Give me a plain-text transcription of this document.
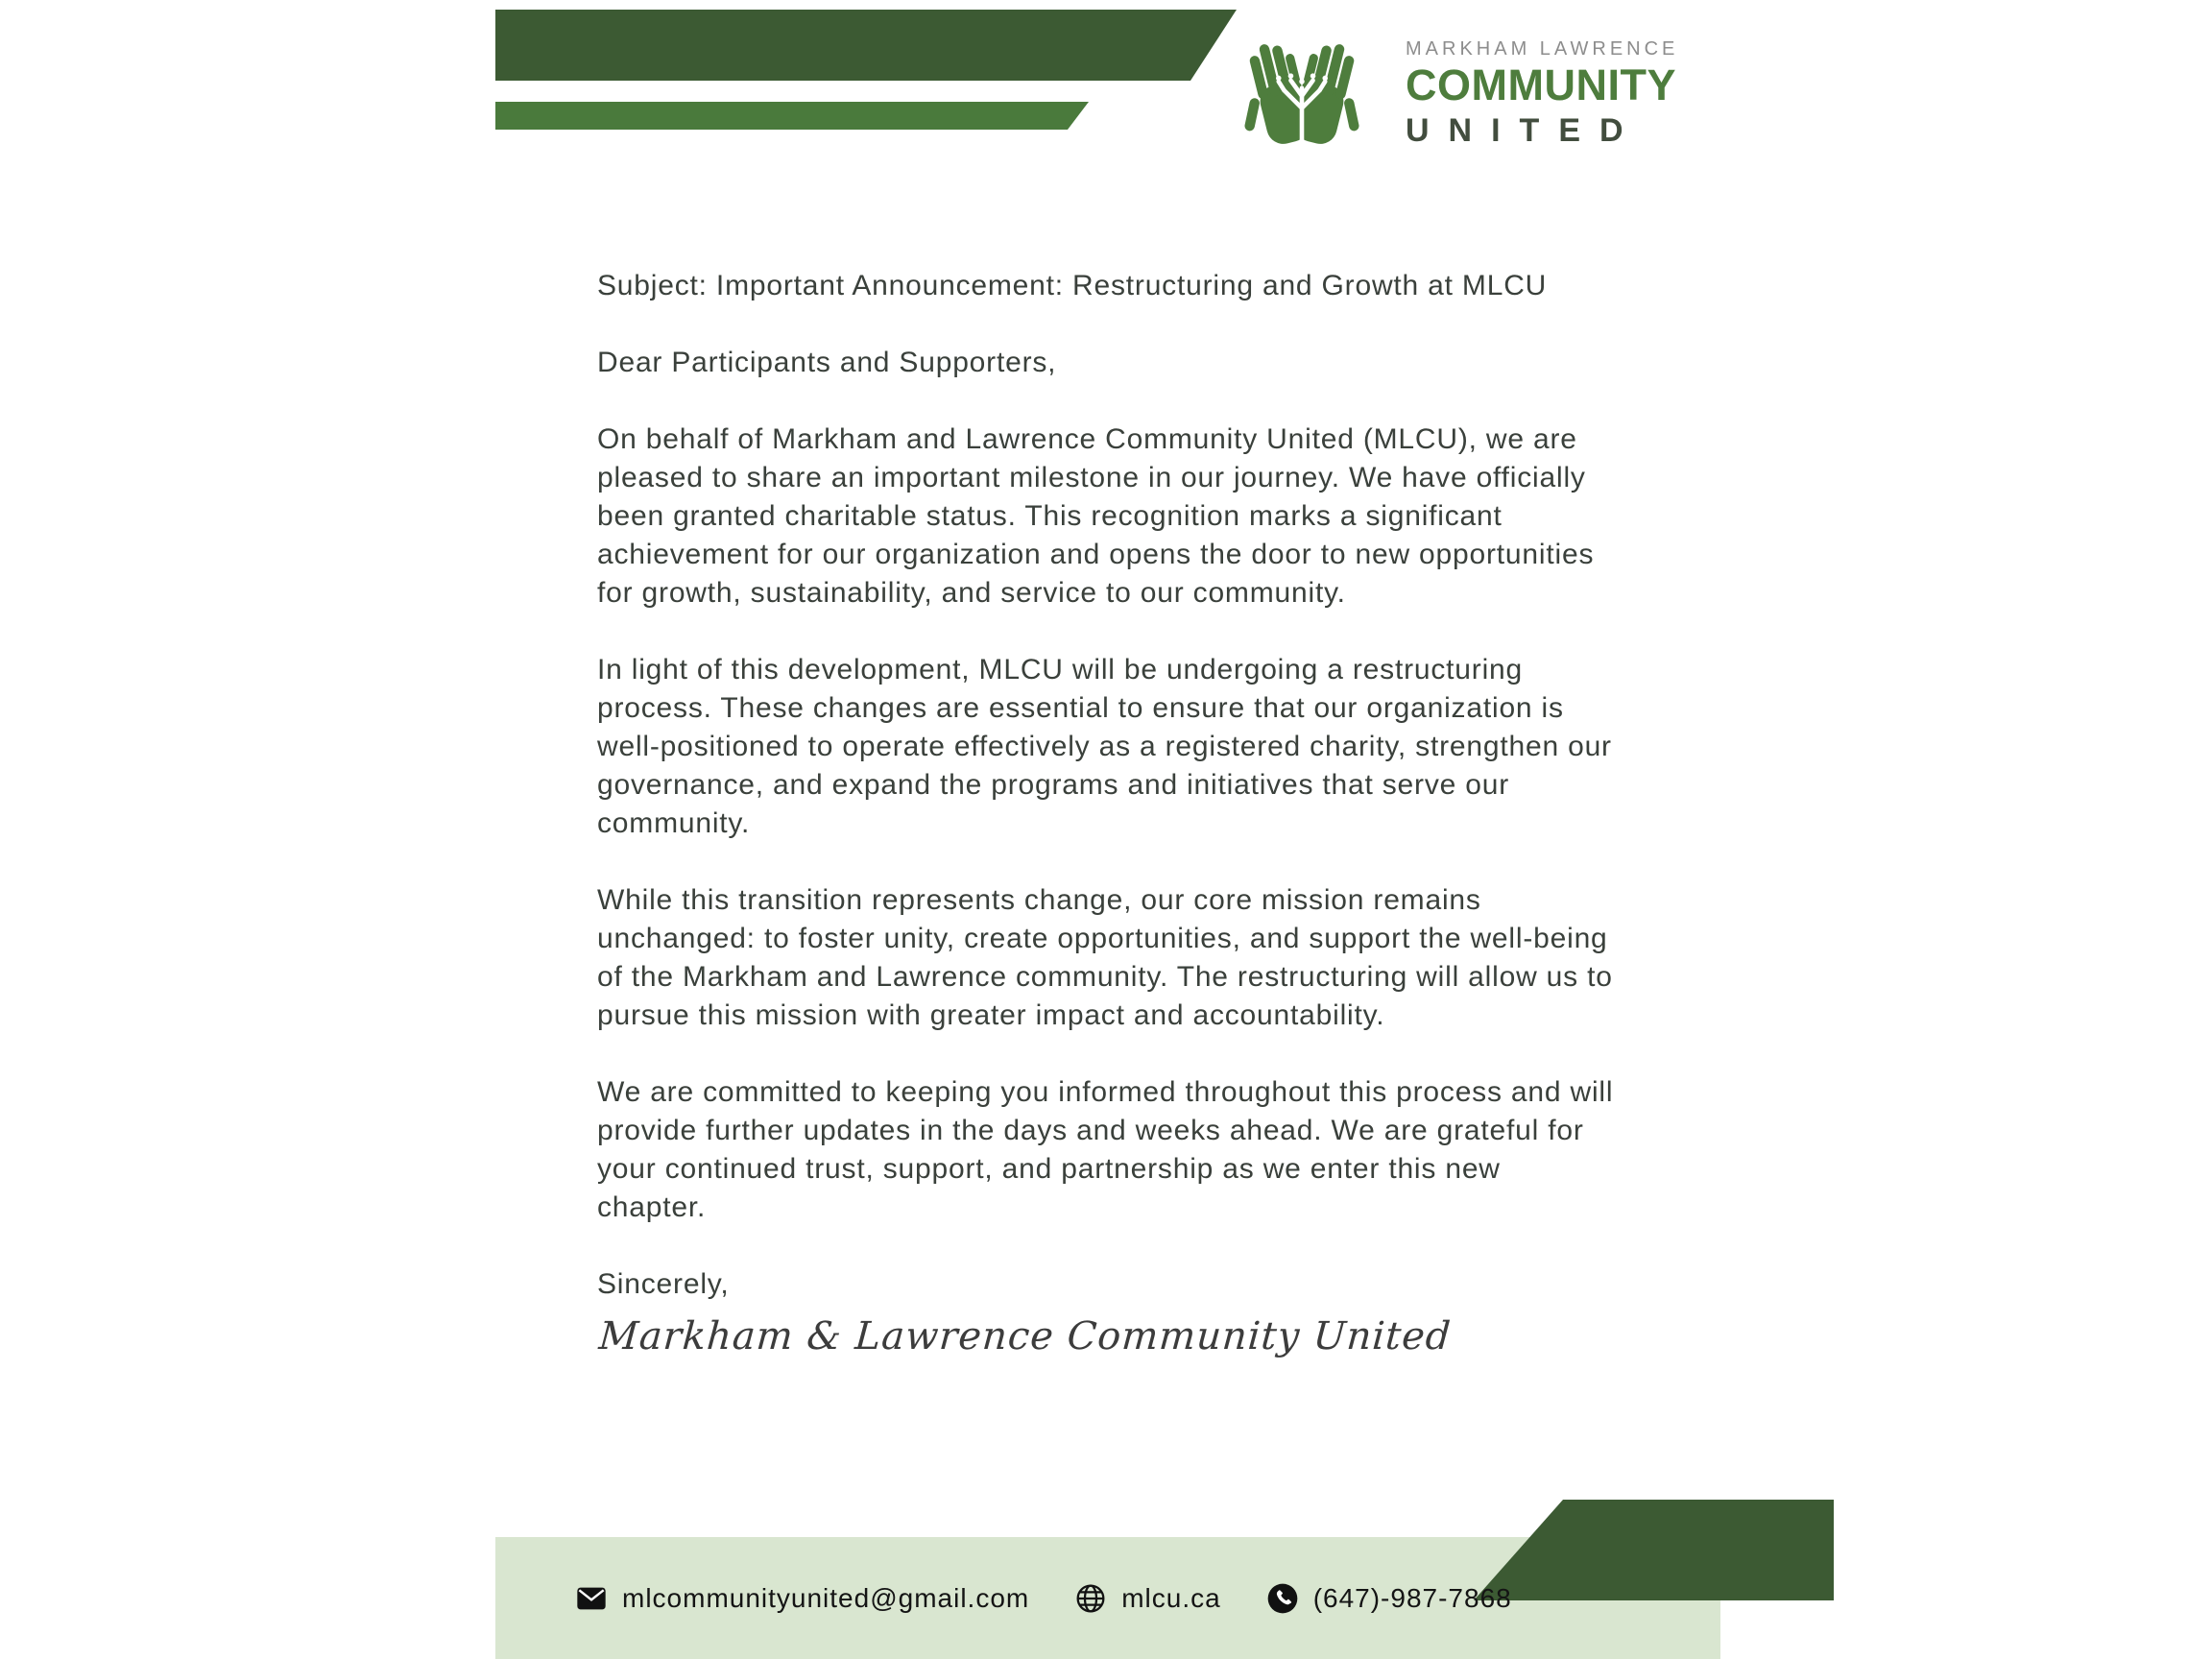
MARKHAM LAWRENCE
COMMUNITY
UNITED
Subject: Important Announcement: Restructuring and Growth at MLCU
Dear Participants and Supporters,

On behalf of Markham and Lawrence Community United (MLCU), we are pleased to share an important milestone in our journey. We have officially been granted charitable status. This recognition marks a significant achievement for our organization and opens the door to new opportunities for growth, sustainability, and service to our community.

In light of this development, MLCU will be undergoing a restructuring process. These changes are essential to ensure that our organization is well-positioned to operate effectively as a registered charity, strengthen our governance, and expand the programs and initiatives that serve our community.

While this transition represents change, our core mission remains unchanged: to foster unity, create opportunities, and support the well-being of the Markham and Lawrence community. The restructuring will allow us to pursue this mission with greater impact and accountability.

We are committed to keeping you informed throughout this process and will provide further updates in the days and weeks ahead. We are grateful for your continued trust, support, and partnership as we enter this new chapter.

Sincerely,
Markham & Lawrence Community United
mlcommunityunited@gmail.com	mlcu.ca	(647)-987-7868
